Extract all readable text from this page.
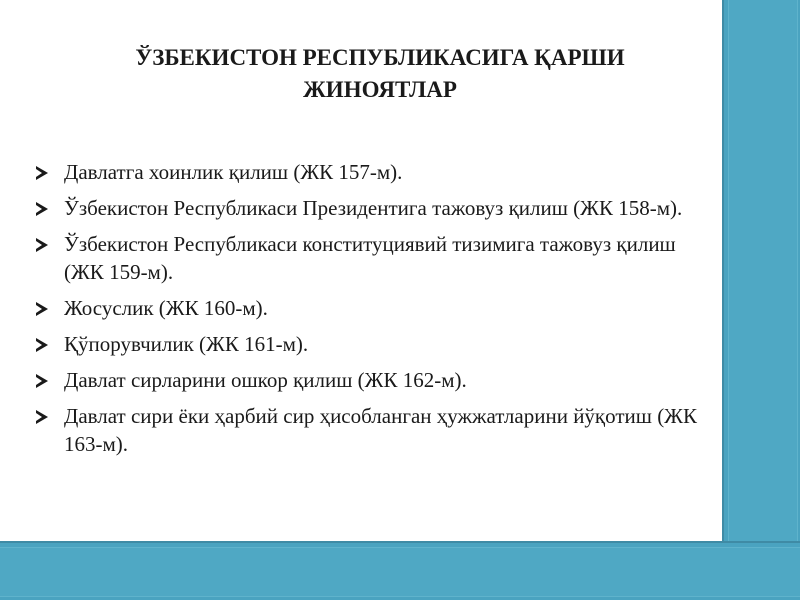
ЎЗБЕКИСТОН РЕСПУБЛИКАСИГА ҚАРШИ
ЖИНОЯТЛАР
Давлатга хоинлик қилиш (ЖК 157-м).
Ўзбекистон Республикаси Президентига тажовуз қилиш (ЖК 158-м).
Ўзбекистон Республикаси конституциявий тизимига тажовуз қилиш (ЖК 159-м).
Жосуслик (ЖК 160-м).
Қўпорувчилик (ЖК 161-м).
Давлат сирларини ошкор қилиш (ЖК 162-м).
Давлат сири ёки ҳарбий сир ҳисобланган ҳужжатларини йўқотиш (ЖК 163-м).
